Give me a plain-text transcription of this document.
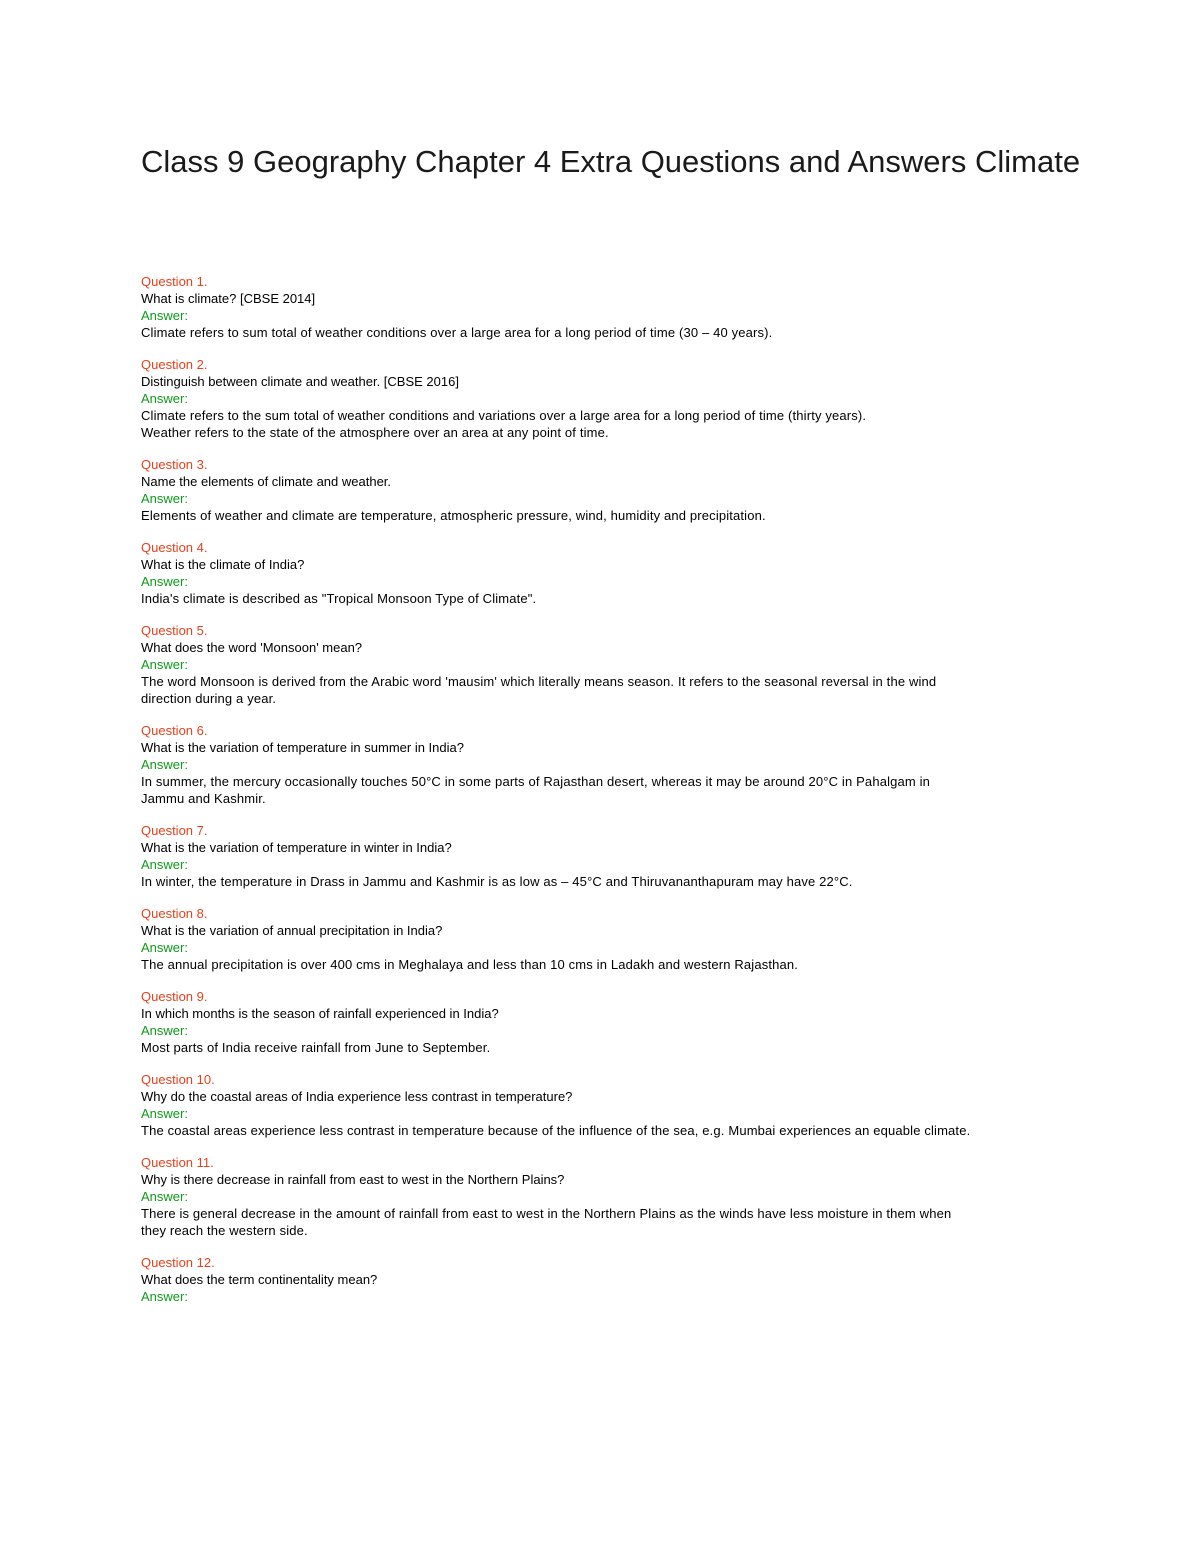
Class 9 Geography Chapter 4 Extra Questions and Answers Climate
Question 1.
What is climate? [CBSE 2014]
Answer:
Climate refers to sum total of weather conditions over a large area for a long period of time (30 – 40 years).
Question 2.
Distinguish between climate and weather. [CBSE 2016]
Answer:
Climate refers to the sum total of weather conditions and variations over a large area for a long period of time (thirty years).
Weather refers to the state of the atmosphere over an area at any point of time.
Question 3.
Name the elements of climate and weather.
Answer:
Elements of weather and climate are temperature, atmospheric pressure, wind, humidity and precipitation.
Question 4.
What is the climate of India?
Answer:
India's climate is described as "Tropical Monsoon Type of Climate".
Question 5.
What does the word 'Monsoon' mean?
Answer:
The word Monsoon is derived from the Arabic word 'mausim' which literally means season. It refers to the seasonal reversal in the wind
direction during a year.
Question 6.
What is the variation of temperature in summer in India?
Answer:
In summer, the mercury occasionally touches 50°C in some parts of Rajasthan desert, whereas it may be around 20°C in Pahalgam in
Jammu and Kashmir.
Question 7.
What is the variation of temperature in winter in India?
Answer:
In winter, the temperature in Drass in Jammu and Kashmir is as low as – 45°C and Thiruvananthapuram may have 22°C.
Question 8.
What is the variation of annual precipitation in India?
Answer:
The annual precipitation is over 400 cms in Meghalaya and less than 10 cms in Ladakh and western Rajasthan.
Question 9.
In which months is the season of rainfall experienced in India?
Answer:
Most parts of India receive rainfall from June to September.
Question 10.
Why do the coastal areas of India experience less contrast in temperature?
Answer:
The coastal areas experience less contrast in temperature because of the influence of the sea, e.g. Mumbai experiences an equable climate.
Question 11.
Why is there decrease in rainfall from east to west in the Northern Plains?
Answer:
There is general decrease in the amount of rainfall from east to west in the Northern Plains as the winds have less moisture in them when
they reach the western side.
Question 12.
What does the term continentality mean?
Answer:
